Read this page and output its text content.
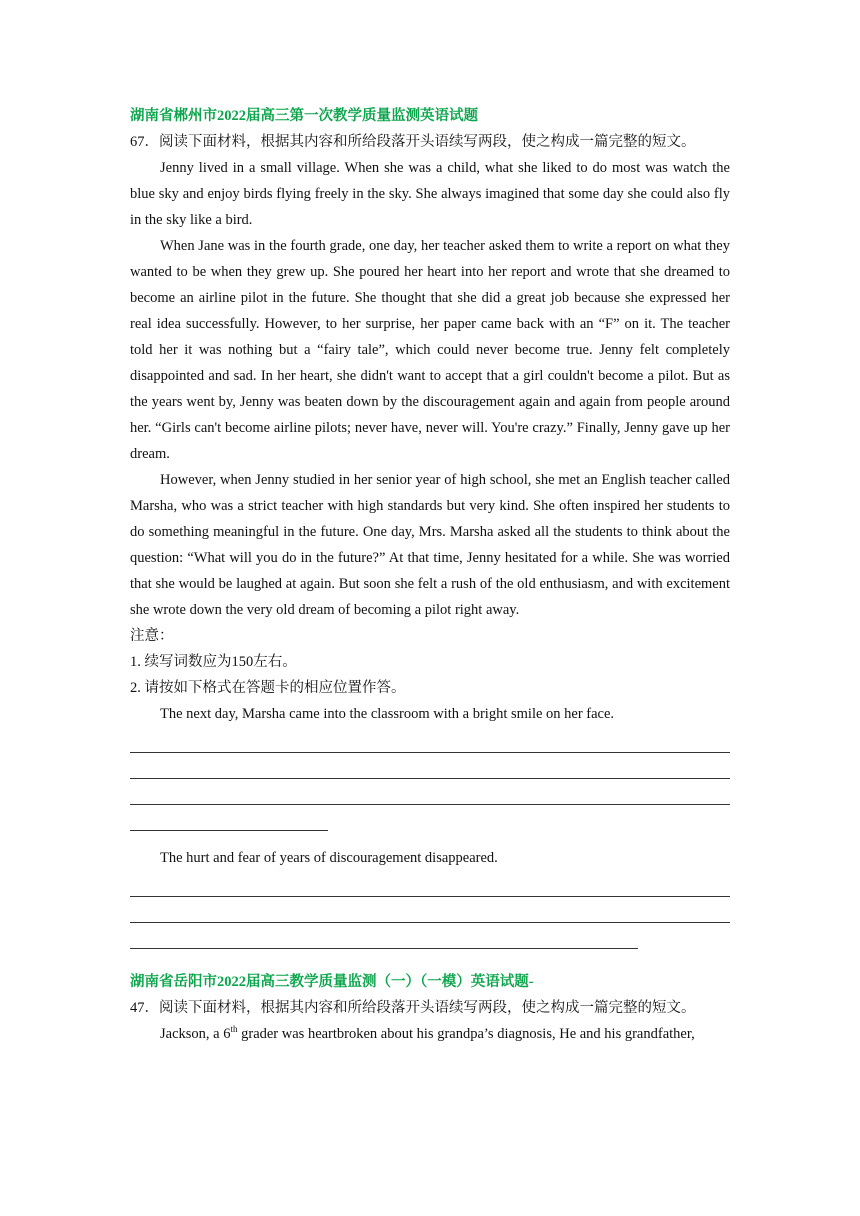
湖南省郴州市2022届高三第一次教学质量监测英语试题

67．阅读下面材料，根据其内容和所给段落开头语续写两段，使之构成一篇完整的短文。

Jenny lived in a small village. When she was a child, what she liked to do most was watch the blue sky and enjoy birds flying freely in the sky. She always imagined that some day she could also fly in the sky like a bird.

When Jane was in the fourth grade, one day, her teacher asked them to write a report on what they wanted to be when they grew up. She poured her heart into her report and wrote that she dreamed to become an airline pilot in the future. She thought that she did a great job because she expressed her real idea successfully. However, to her surprise, her paper came back with an “F” on it. The teacher told her it was nothing but a “fairy tale”, which could never become true. Jenny felt completely disappointed and sad. In her heart, she didn't want to accept that a girl couldn't become a pilot. But as the years went by, Jenny was beaten down by the discouragement again and again from people around her. “Girls can't become airline pilots; never have, never will. You're crazy.” Finally, Jenny gave up her dream.

However, when Jenny studied in her senior year of high school, she met an English teacher called Marsha, who was a strict teacher with high standards but very kind. She often inspired her students to do something meaningful in the future. One day, Mrs. Marsha asked all the students to think about the question: “What will you do in the future?” At that time, Jenny hesitated for a while. She was worried that she would be laughed at again. But soon she felt a rush of the old enthusiasm, and with excitement she wrote down the very old dream of becoming a pilot right away.

注意：

1. 续写词数应为150左右。

2. 请按如下格式在答题卡的相应位置作答。

The next day, Marsha came into the classroom with a bright smile on her face.

The hurt and fear of years of discouragement disappeared.

湖南省岳阳市2022届高三教学质量监测（一）（一模）英语试题-

47．阅读下面材料，根据其内容和所给段落开头语续写两段，使之构成一篇完整的短文。

Jackson, a 6th grader was heartbroken about his grandpa’s diagnosis, He and his grandfather,
